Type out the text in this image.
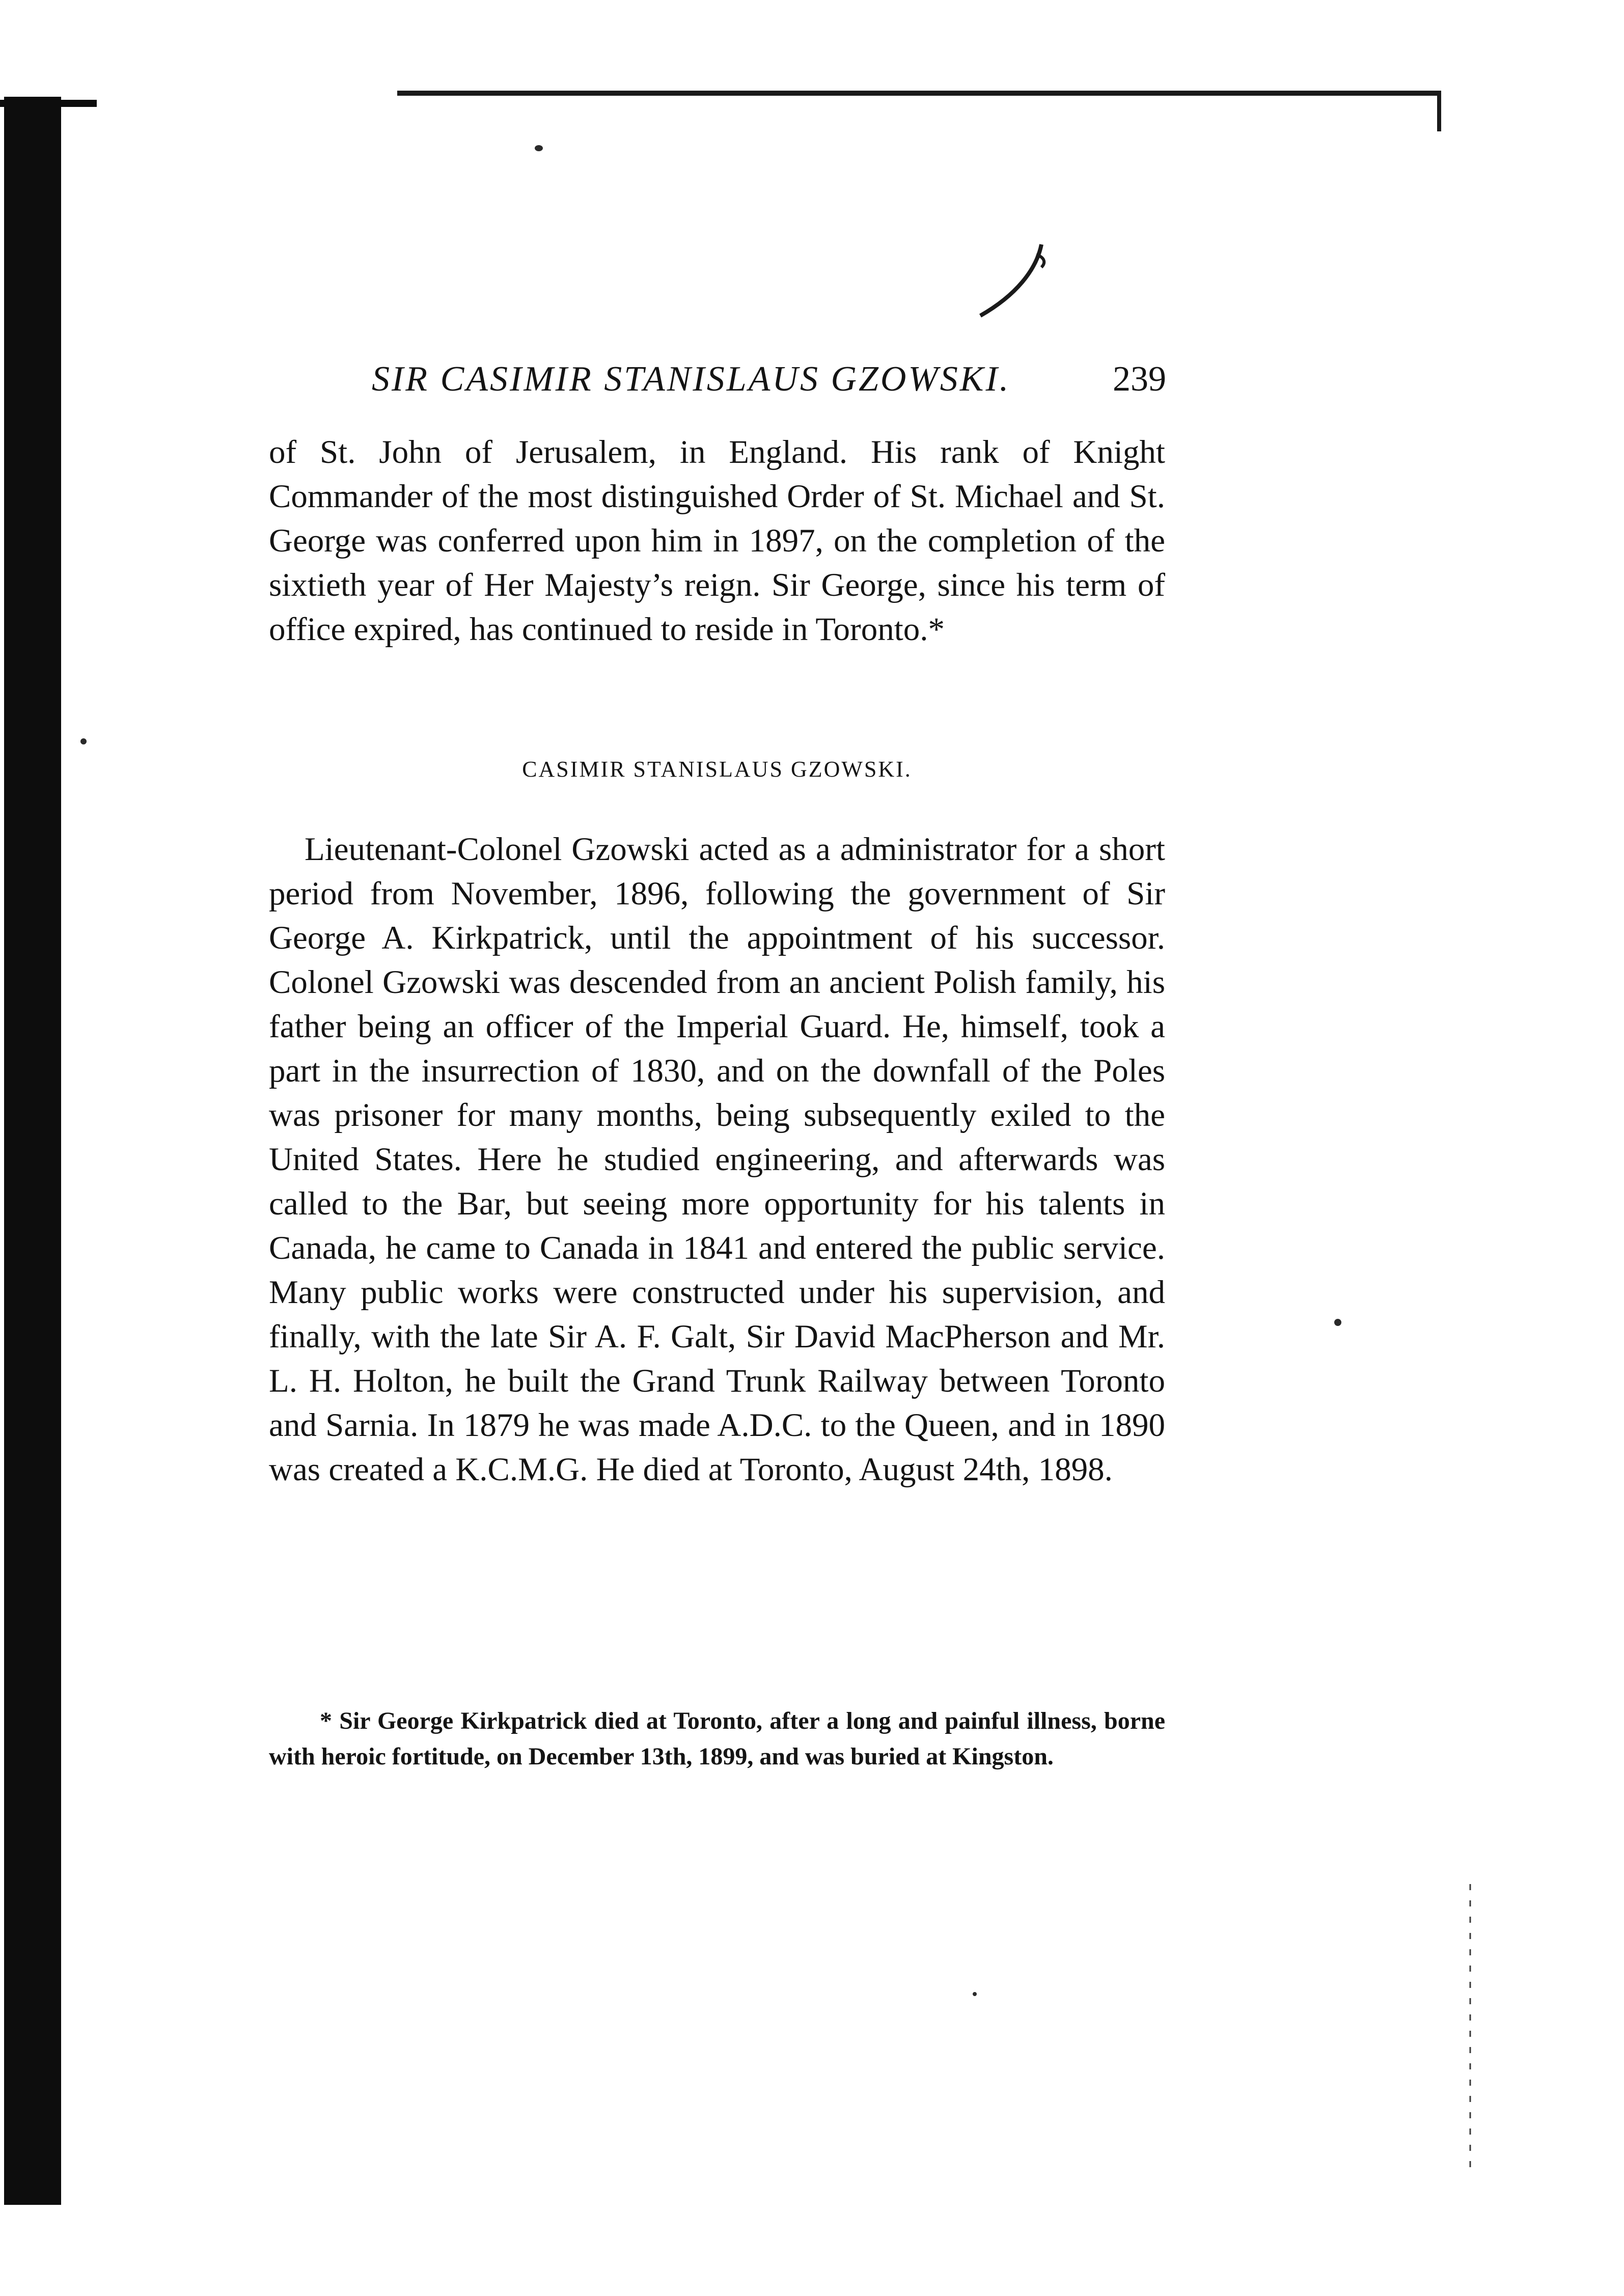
SIR CASIMIR STANISLAUS GZOWSKI.	239

of St. John of Jerusalem, in England. His rank of Knight Commander of the most distinguished Order of St. Michael and St. George was conferred upon him in 1897, on the completion of the sixtieth year of Her Majesty’s reign. Sir George, since his term of office expired, has continued to reside in Toronto.*

CASIMIR STANISLAUS GZOWSKI.

Lieutenant-Colonel Gzowski acted as a administrator for a short period from November, 1896, following the government of Sir George A. Kirkpatrick, until the appointment of his successor. Colonel Gzowski was descended from an ancient Polish family, his father being an officer of the Imperial Guard. He, himself, took a part in the insurrection of 1830, and on the downfall of the Poles was prisoner for many months, being subsequently exiled to the United States. Here he studied engineering, and afterwards was called to the Bar, but seeing more opportunity for his talents in Canada, he came to Canada in 1841 and entered the public service. Many public works were constructed under his supervision, and finally, with the late Sir A. F. Galt, Sir David MacPherson and Mr. L. H. Holton, he built the Grand Trunk Railway between Toronto and Sarnia. In 1879 he was made A.D.C. to the Queen, and in 1890 was created a K.C.M.G. He died at Toronto, August 24th, 1898.

* Sir George Kirkpatrick died at Toronto, after a long and painful illness, borne with heroic fortitude, on December 13th, 1899, and was buried at Kingston.
